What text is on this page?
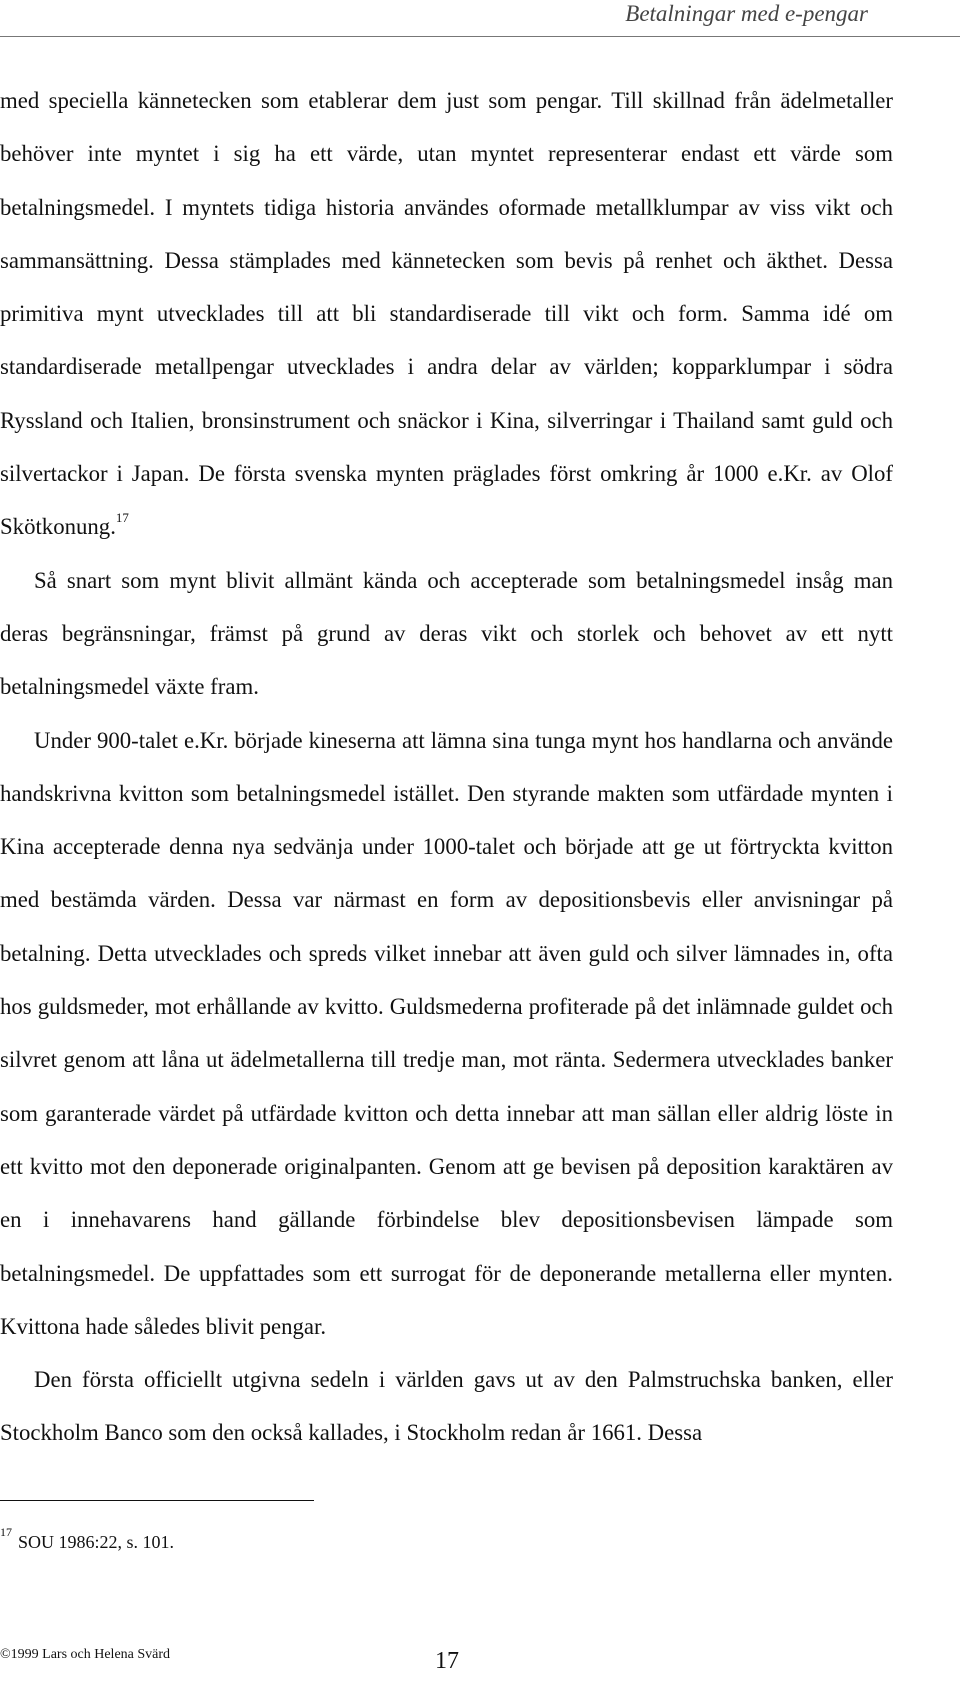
Betalningar med e-pengar

med speciella kännetecken som etablerar dem just som pengar. Till skillnad från ädelmetaller behöver inte myntet i sig ha ett värde, utan myntet representerar endast ett värde som betalningsmedel. I myntets tidiga historia användes oformade metallklumpar av viss vikt och sammansättning. Dessa stämplades med kännetecken som bevis på renhet och äkthet. Dessa primitiva mynt utvecklades till att bli standardiserade till vikt och form. Samma idé om standardiserade metallpengar utvecklades i andra delar av världen; kopparklumpar i södra Ryssland och Italien, bronsinstrument och snäckor i Kina, silverringar i Thailand samt guld och silvertackor i Japan. De första svenska mynten präglades först omkring år 1000 e.Kr. av Olof Skötkonung.$^{17}$

Så snart som mynt blivit allmänt kända och accepterade som betalningsmedel insåg man deras begränsningar, främst på grund av deras vikt och storlek och behovet av ett nytt betalningsmedel växte fram.

Under 900-talet e.Kr. började kineserna att lämna sina tunga mynt hos handlarna och använde handskrivna kvitton som betalningsmedel istället. Den styrande makten som utfärdade mynten i Kina accepterade denna nya sedvänja under 1000-talet och började att ge ut förtryckta kvitton med bestämda värden. Dessa var närmast en form av depositionsbevis eller anvisningar på betalning. Detta utvecklades och spreds vilket innebar att även guld och silver lämnades in, ofta hos guldsmeder, mot erhållande av kvitto. Guldsmederna profiterade på det inlämnade guldet och silvret genom att låna ut ädelmetallerna till tredje man, mot ränta. Sedermera utvecklades banker som garanterade värdet på utfärdade kvitton och detta innebar att man sällan eller aldrig löste in ett kvitto mot den deponerade originalpanten. Genom att ge bevisen på deposition karaktären av en i innehavarens hand gällande förbindelse blev depositionsbevisen lämpade som betalningsmedel. De uppfattades som ett surrogat för de deponerande metallerna eller mynten. Kvittona hade således blivit pengar.

Den första officiellt utgivna sedeln i världen gavs ut av den Palmstruchska banken, eller Stockholm Banco som den också kallades, i Stockholm redan år 1661. Dessa

$^{17}$ SOU 1986:22, s. 101.
©1999 Lars och Helena Svärd	17
